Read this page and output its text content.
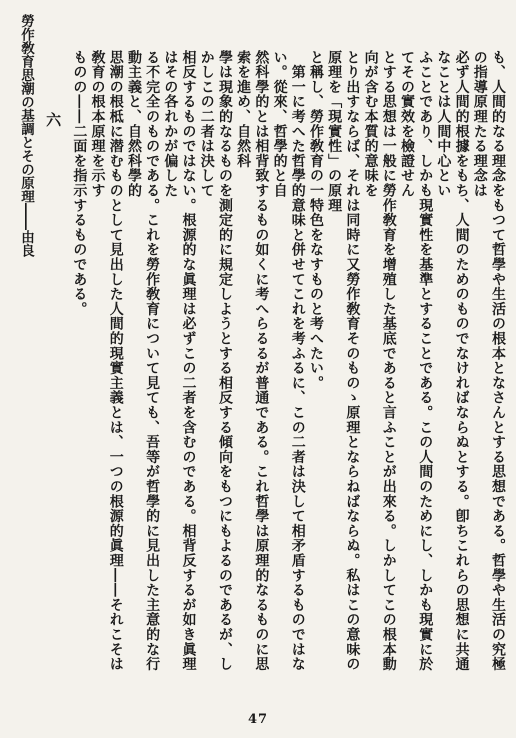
勞作敎育思潮の基調とその原理――由良	も、人間的なる理念をもつて哲學や生活の根本となさんとする思想である。哲學や生活の究極の指導原理たる理念は

必ず人間的根據をもち、人間のためのものでなければならぬとする。卽ちこれらの思想に共通なことは人間中心とい

ふことであり、しかも現實性を基準とすることである。この人間のためにし、しかも現實に於てその實效を檢證せん

とする思想は一般に勞作敎育を增殖した基底であると言ふことが出來る。しかしてこの根本動向が含む本質的意味を

とり出すならば、それは同時に又勞作敎育そのものゝ原理とならねばならぬ。私はこの意味の原理を「現實性」の原理

と稱し、勞作敎育の一特色をなすものと考へたい。

　第一に考へた哲學的意味と併せてこれを考ふるに、この二者は決して相矛盾するものではない。從來、哲學的と自

然科學的とは相背致するもの如くに考へらるるが普通である。これ哲學は原理的なるものに思索を進め、自然科

學は現象的なるものを測定的に規定しようとする相反する傾向をもつにもよるのであるが、しかしこの二者は決して

相反するものではない。根源的な眞理は必ずこの二者を含むのである。相背反するが如き眞理はその各れかが偏した

る不完全のものである。これを勞作敎育について見ても、吾等が哲學的に見出した主意的な行動主義と、自然科學的

思潮の根柢に潜むものとして見出した人間的現實主義とは、一つの根源的眞理――それこそは敎育の根本原理を示す

ものの――二面を指示するものである。

六

47
